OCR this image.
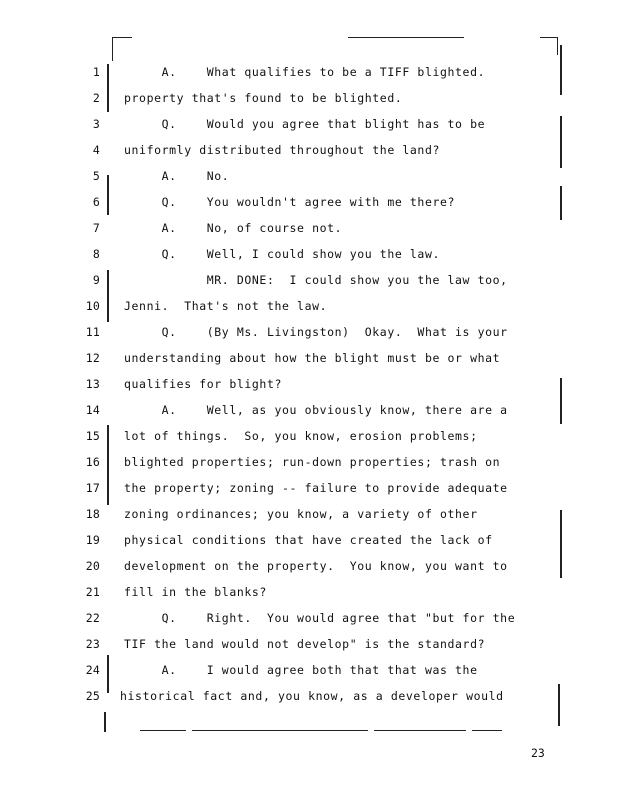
1 A.    What qualifies to be a TIFF blighted.
2 property that's found to be blighted.
3 Q.    Would you agree that blight has to be
4 uniformly distributed throughout the land?
5 A.    No.
6 Q.    You wouldn't agree with me there?
7 A.    No, of course not.
8 Q.    Well, I could show you the law.
9 MR. DONE:  I could show you the law too,
10 Jenni.  That's not the law.
11 Q.    (By Ms. Livingston)  Okay.  What is your
12 understanding about how the blight must be or what
13 qualifies for blight?
14 A.    Well, as you obviously know, there are a
15 lot of things.  So, you know, erosion problems;
16 blighted properties; run-down properties; trash on
17 the property; zoning -- failure to provide adequate
18 zoning ordinances; you know, a variety of other
19 physical conditions that have created the lack of
20 development on the property.  You know, you want to
21 fill in the blanks?
22 Q.    Right.  You would agree that "but for the
23 TIF the land would not develop" is the standard?
24 A.    I would agree both that that was the
25 historical fact and, you know, as a developer would
23
